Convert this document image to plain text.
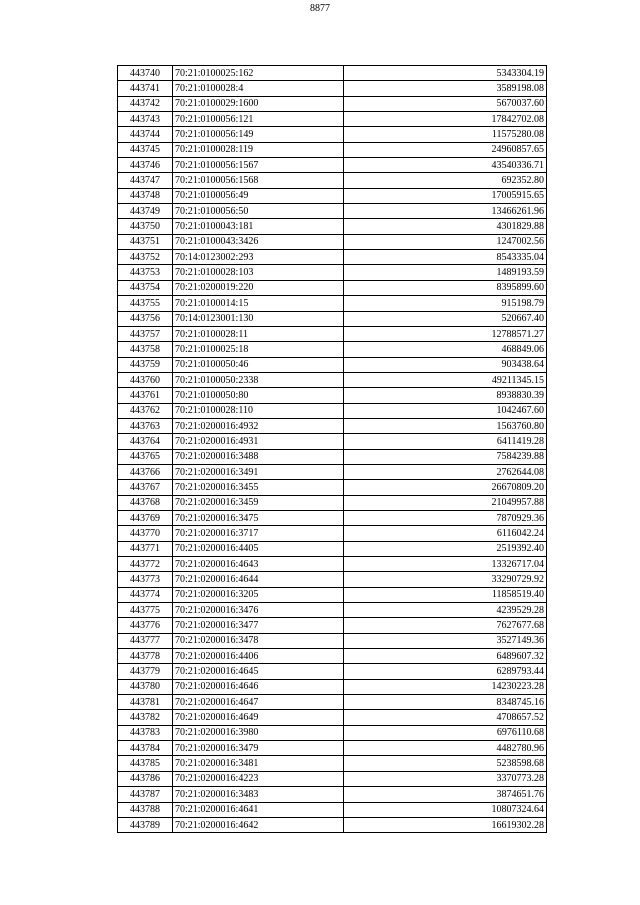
8877
443740	70:21:0100025:162	5343304.19
443741	70:21:0100028:4	3589198.08
443742	70:21:0100029:1600	5670037.60
443743	70:21:0100056:121	17842702.08
443744	70:21:0100056:149	11575280.08
443745	70:21:0100028:119	24960857.65
443746	70:21:0100056:1567	43540336.71
443747	70:21:0100056:1568	692352.80
443748	70:21:0100056:49	17005915.65
443749	70:21:0100056:50	13466261.96
443750	70:21:0100043:181	4301829.88
443751	70:21:0100043:3426	1247002.56
443752	70:14:0123002:293	8543335.04
443753	70:21:0100028:103	1489193.59
443754	70:21:0200019:220	8395899.60
443755	70:21:0100014:15	915198.79
443756	70:14:0123001:130	520667.40
443757	70:21:0100028:11	12788571.27
443758	70:21:0100025:18	468849.06
443759	70:21:0100050:46	903438.64
443760	70:21:0100050:2338	49211345.15
443761	70:21:0100050:80	8938830.39
443762	70:21:0100028:110	1042467.60
443763	70:21:0200016:4932	1563760.80
443764	70:21:0200016:4931	6411419.28
443765	70:21:0200016:3488	7584239.88
443766	70:21:0200016:3491	2762644.08
443767	70:21:0200016:3455	26670809.20
443768	70:21:0200016:3459	21049957.88
443769	70:21:0200016:3475	7870929.36
443770	70:21:0200016:3717	6116042.24
443771	70:21:0200016:4405	2519392.40
443772	70:21:0200016:4643	13326717.04
443773	70:21:0200016:4644	33290729.92
443774	70:21:0200016:3205	11858519.40
443775	70:21:0200016:3476	4239529.28
443776	70:21:0200016:3477	7627677.68
443777	70:21:0200016:3478	3527149.36
443778	70:21:0200016:4406	6489607.32
443779	70:21:0200016:4645	6289793.44
443780	70:21:0200016:4646	14230223.28
443781	70:21:0200016:4647	8348745.16
443782	70:21:0200016:4649	4708657.52
443783	70:21:0200016:3980	6976110.68
443784	70:21:0200016:3479	4482780.96
443785	70:21:0200016:3481	5238598.68
443786	70:21:0200016:4223	3370773.28
443787	70:21:0200016:3483	3874651.76
443788	70:21:0200016:4641	10807324.64
443789	70:21:0200016:4642	16619302.28
